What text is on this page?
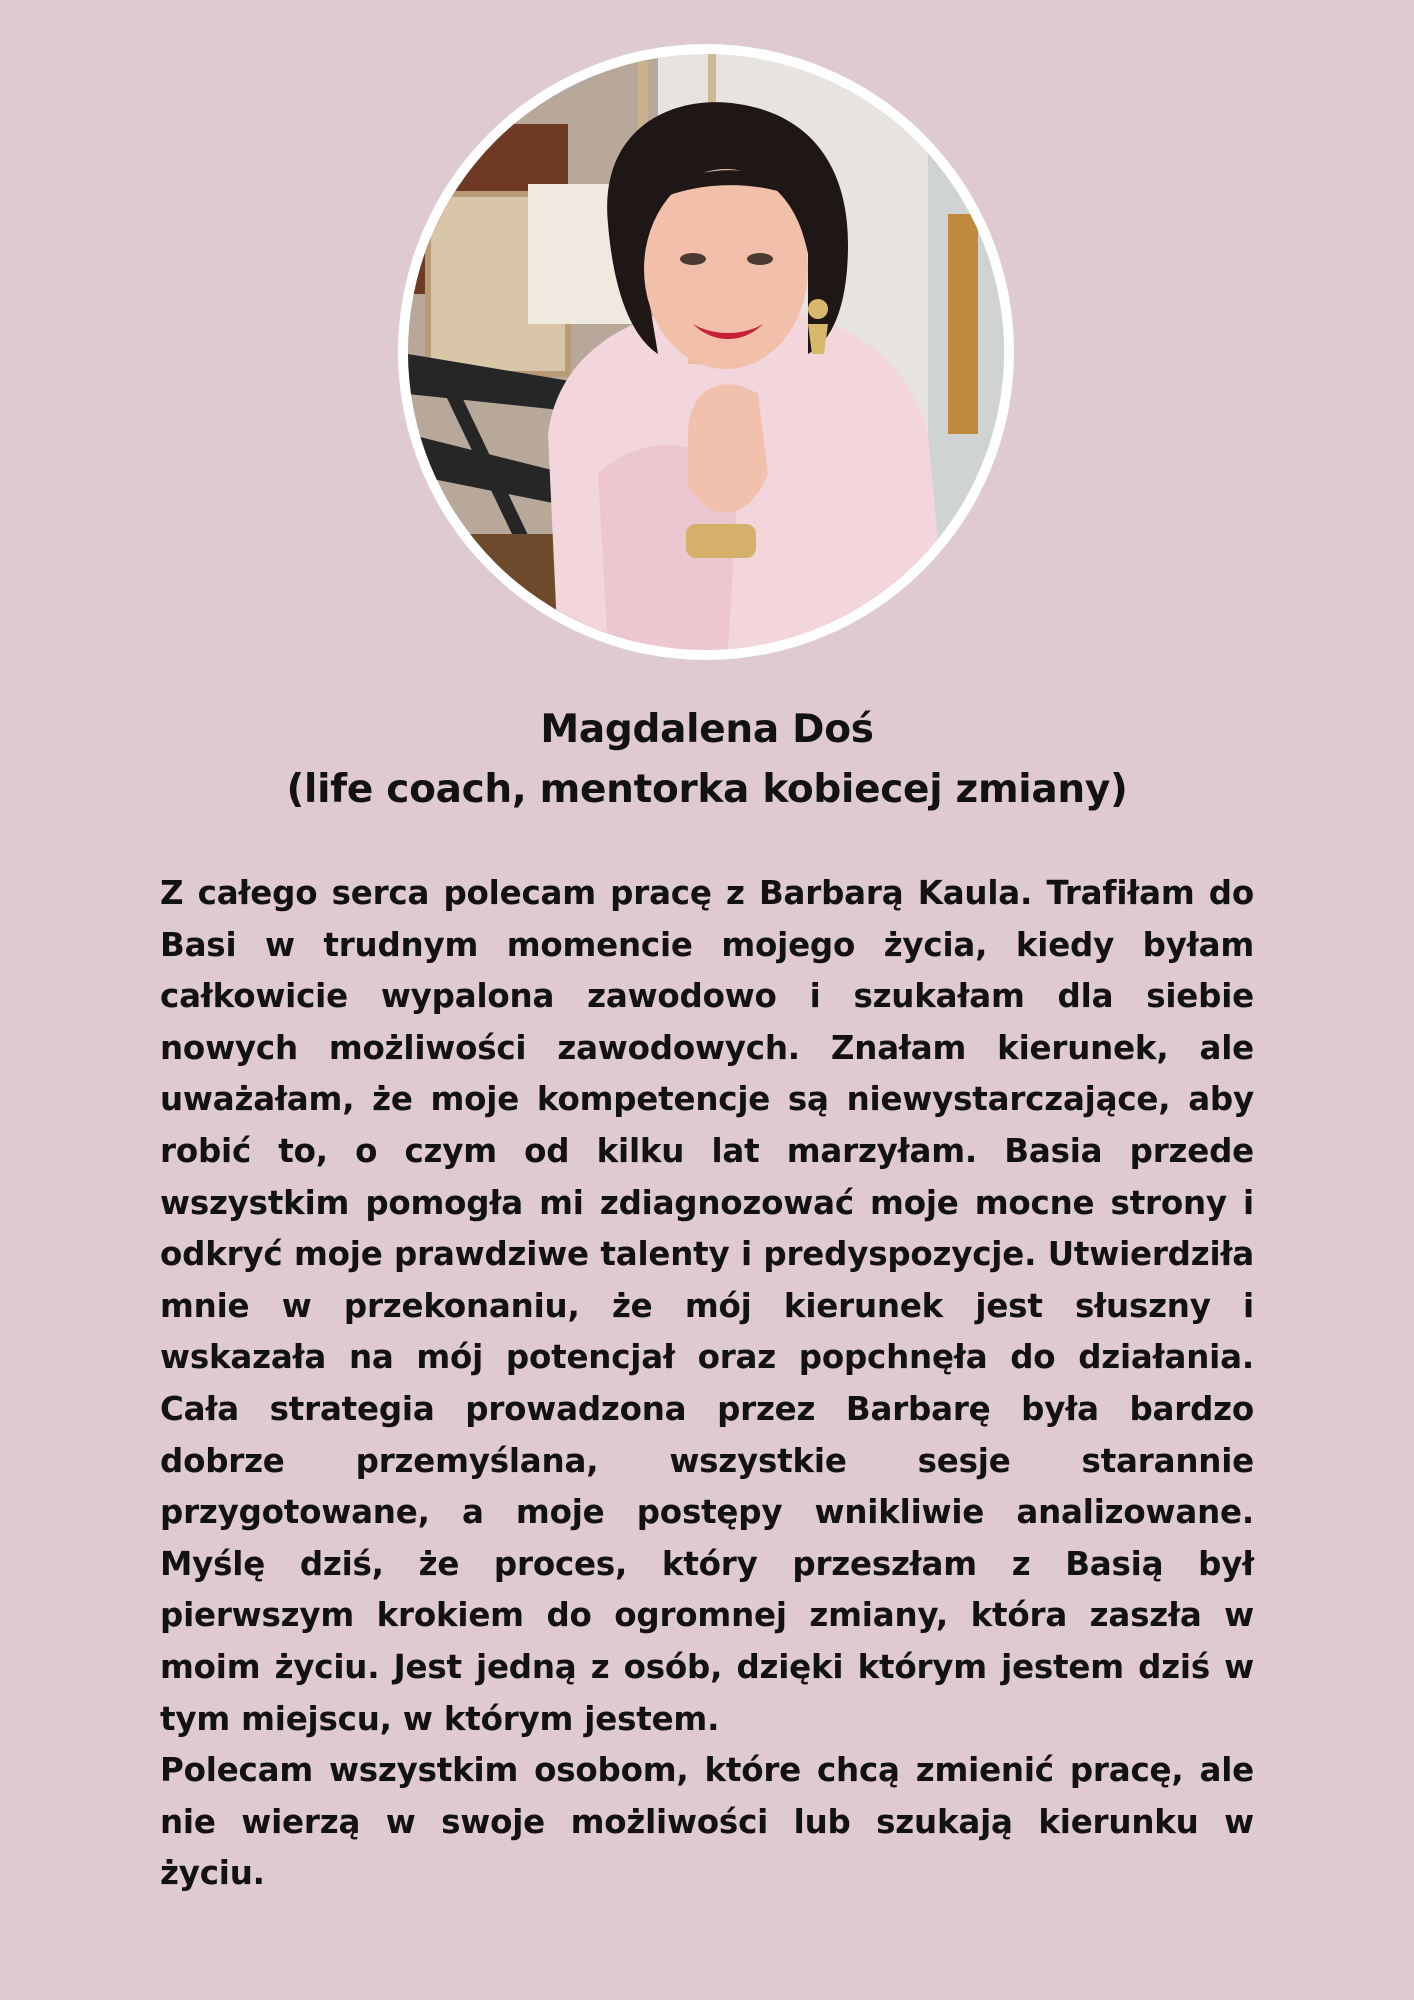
Magdalena Doś
(life coach, mentorka kobiecej zmiany)

Z całego serca polecam pracę z Barbarą Kaula. Trafiłam do Basi w trudnym momencie mojego życia, kiedy byłam całkowicie wypalona zawodowo i szukałam dla siebie nowych możliwości zawodowych. Znałam kierunek, ale uważałam, że moje kompetencje są niewystarczające, aby robić to, o czym od kilku lat marzyłam. Basia przede wszystkim pomogła mi zdiagnozować moje mocne strony i odkryć moje prawdziwe talenty i predyspozycje. Utwierdziła mnie w przekonaniu, że mój kierunek jest słuszny i wskazała na mój potencjał oraz popchnęła do działania. Cała strategia prowadzona przez Barbarę była bardzo dobrze przemyślana, wszystkie sesje starannie przygotowane, a moje postępy wnikliwie analizowane. Myślę dziś, że proces, który przeszłam z Basią był pierwszym krokiem do ogromnej zmiany, która zaszła w moim życiu. Jest jedną z osób, dzięki którym jestem dziś w tym miejscu, w którym jestem.

Polecam wszystkim osobom, które chcą zmienić pracę, ale nie wierzą w swoje możliwości lub szukają kierunku w życiu.
